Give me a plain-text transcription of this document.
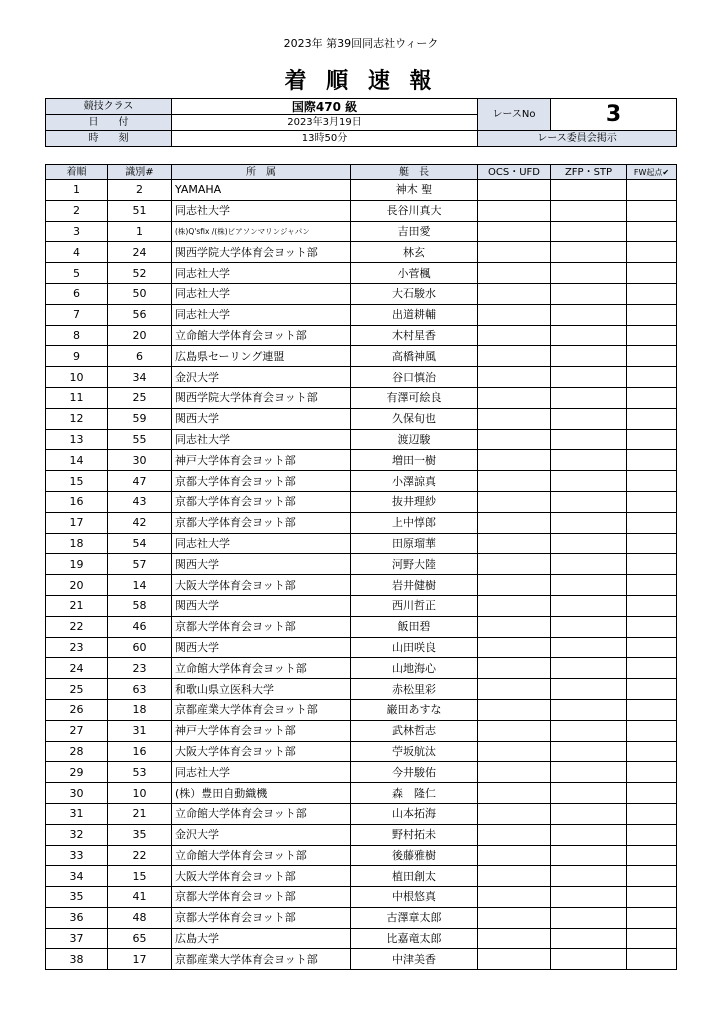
2023年 第39回同志社ウィーク
着 順 速 報
競技クラス	国際470 級	レースNo	3
日　　付	2023年3月19日		
時　　刻	13時50分	レース委員会掲示	
着順	識別#	所　属	艇　長	OCS・UFD	ZFP・STP	FW起点✔
1	2	YAMAHA	神木 聖			
2	51	同志社大学	長谷川真大			
3	1	(株)Q'sfix /(株)ビアソンマリンジャパン	吉田愛			
4	24	関西学院大学体育会ヨット部	林玄			
5	52	同志社大学	小菅楓			
6	50	同志社大学	大石駿水			
7	56	同志社大学	出道耕輔			
8	20	立命館大学体育会ヨット部	木村星香			
9	6	広島県セーリング連盟	高橋神風			
10	34	金沢大学	谷口慎治			
11	25	関西学院大学体育会ヨット部	有澤可絵良			
12	59	関西大学	久保旬也			
13	55	同志社大学	渡辺駿			
14	30	神戸大学体育会ヨット部	増田一樹			
15	47	京都大学体育会ヨット部	小澤諒真			
16	43	京都大学体育会ヨット部	抜井理紗			
17	42	京都大学体育会ヨット部	上中惇郎			
18	54	同志社大学	田原瑠華			
19	57	関西大学	河野大陸			
20	14	大阪大学体育会ヨット部	岩井健樹			
21	58	関西大学	西川哲正			
22	46	京都大学体育会ヨット部	飯田碧			
23	60	関西大学	山田咲良			
24	23	立命館大学体育会ヨット部	山地海心			
25	63	和歌山県立医科大学	赤松里彩			
26	18	京都産業大学体育会ヨット部	巌田あすな			
27	31	神戸大学体育会ヨット部	武林哲志			
28	16	大阪大学体育会ヨット部	苧坂航汰			
29	53	同志社大学	今井駿佑			
30	10	(株）豊田自動織機	森　隆仁			
31	21	立命館大学体育会ヨット部	山本拓海			
32	35	金沢大学	野村拓未			
33	22	立命館大学体育会ヨット部	後藤雅樹			
34	15	大阪大学体育会ヨット部	植田創太			
35	41	京都大学体育会ヨット部	中根悠真			
36	48	京都大学体育会ヨット部	古澤章太郎			
37	65	広島大学	比嘉竜太郎			
38	17	京都産業大学体育会ヨット部	中津美香			
